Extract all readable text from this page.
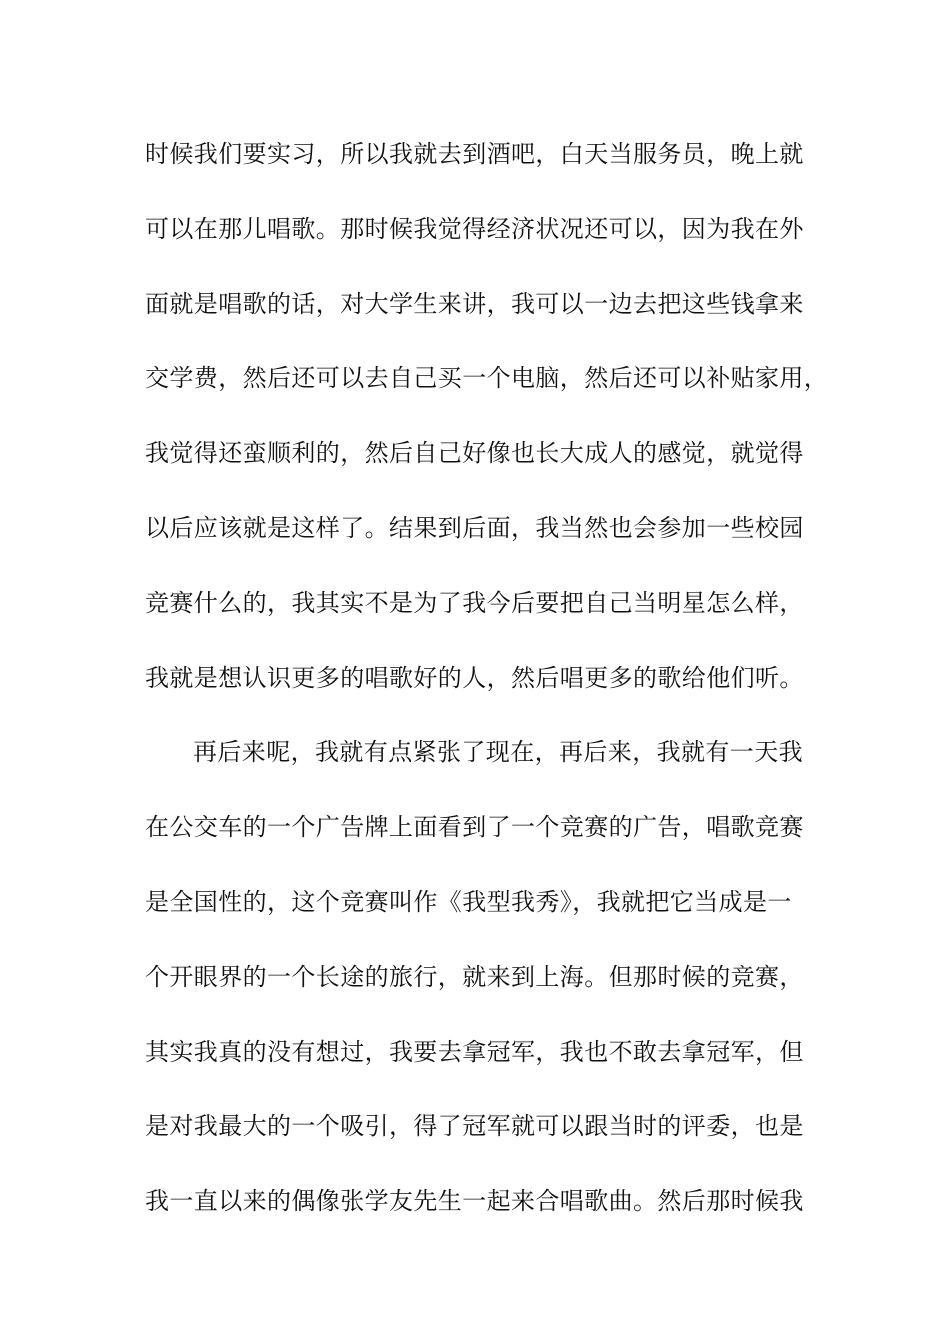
时候我们要实习，所以我就去到酒吧，白天当服务员，晚上就
可以在那儿唱歌。那时候我觉得经济状况还可以，因为我在外
面就是唱歌的话，对大学生来讲，我可以一边去把这些钱拿来
交学费，然后还可以去自己买一个电脑，然后还可以补贴家用，
我觉得还蛮顺利的，然后自己好像也长大成人的感觉，就觉得
以后应该就是这样了。结果到后面，我当然也会参加一些校园
竞赛什么的，我其实不是为了我今后要把自己当明星怎么样，
我就是想认识更多的唱歌好的人，然后唱更多的歌给他们听。
再后来呢，我就有点紧张了现在，再后来，我就有一天我
在公交车的一个广告牌上面看到了一个竞赛的广告，唱歌竞赛
是全国性的，这个竞赛叫作《我型我秀》，我就把它当成是一
个开眼界的一个长途的旅行，就来到上海。但那时候的竞赛，
其实我真的没有想过，我要去拿冠军，我也不敢去拿冠军，但
是对我最大的一个吸引，得了冠军就可以跟当时的评委，也是
我一直以来的偶像张学友先生一起来合唱歌曲。然后那时候我
